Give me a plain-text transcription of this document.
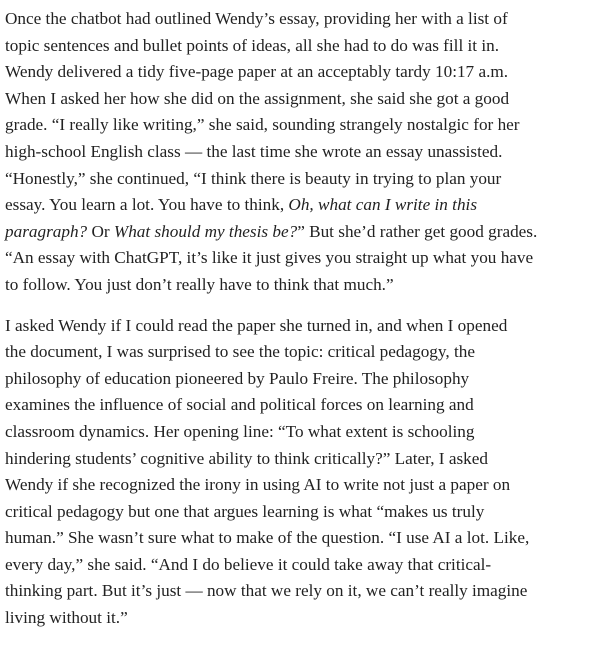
Once the chatbot had outlined Wendy’s essay, providing her with a list of
topic sentences and bullet points of ideas, all she had to do was fill it in.
Wendy delivered a tidy five-page paper at an acceptably tardy 10:17 a.m.
When I asked her how she did on the assignment, she said she got a good
grade. “I really like writing,” she said, sounding strangely nostalgic for her
high-school English class — the last time she wrote an essay unassisted.
“Honestly,” she continued, “I think there is beauty in trying to plan your
essay. You learn a lot. You have to think, Oh, what can I write in this
paragraph? Or What should my thesis be?” But she’d rather get good grades.
“An essay with ChatGPT, it’s like it just gives you straight up what you have
to follow. You just don’t really have to think that much.”

I asked Wendy if I could read the paper she turned in, and when I opened
the document, I was surprised to see the topic: critical pedagogy, the
philosophy of education pioneered by Paulo Freire. The philosophy
examines the influence of social and political forces on learning and
classroom dynamics. Her opening line: “To what extent is schooling
hindering students’ cognitive ability to think critically?” Later, I asked
Wendy if she recognized the irony in using AI to write not just a paper on
critical pedagogy but one that argues learning is what “makes us truly
human.” She wasn’t sure what to make of the question. “I use AI a lot. Like,
every day,” she said. “And I do believe it could take away that critical-
thinking part. But it’s just — now that we rely on it, we can’t really imagine
living without it.”
